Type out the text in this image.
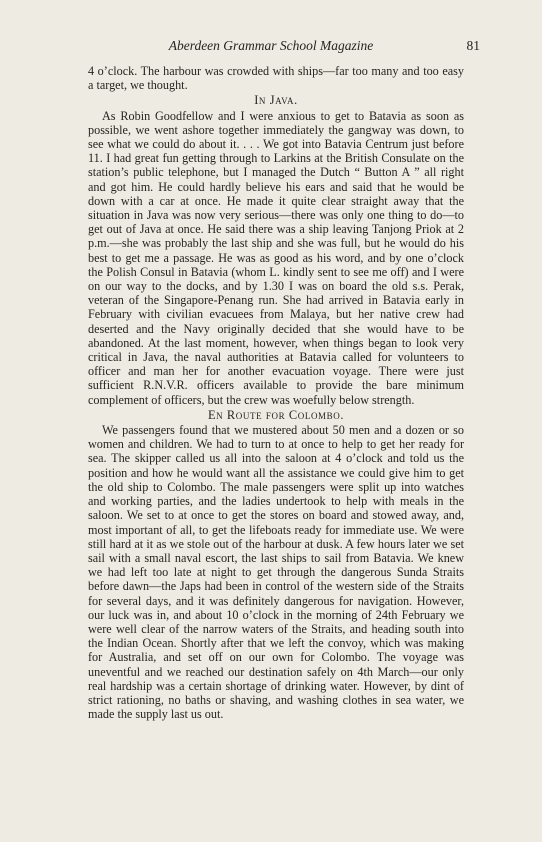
Aberdeen Grammar School Magazine	81

4 o’clock. The harbour was crowded with ships—far too many and too easy a target, we thought.

In Java.

As Robin Goodfellow and I were anxious to get to Batavia as soon as possible, we went ashore together immediately the gangway was down, to see what we could do about it. . . . We got into Batavia Centrum just before 11. I had great fun getting through to Larkins at the British Consulate on the station’s public telephone, but I managed the Dutch “ Button A ” all right and got him. He could hardly believe his ears and said that he would be down with a car at once. He made it quite clear straight away that the situation in Java was now very serious—there was only one thing to do—to get out of Java at once. He said there was a ship leaving Tanjong Priok at 2 p.m.—she was probably the last ship and she was full, but he would do his best to get me a passage. He was as good as his word, and by one o’clock the Polish Consul in Batavia (whom L. kindly sent to see me off) and I were on our way to the docks, and by 1.30 I was on board the old s.s. Perak, veteran of the Singapore-Penang run. She had arrived in Batavia early in February with civilian evacuees from Malaya, but her native crew had deserted and the Navy originally decided that she would have to be abandoned. At the last moment, however, when things began to look very critical in Java, the naval authorities at Batavia called for volunteers to officer and man her for another evacuation voyage. There were just sufficient R.N.V.R. officers available to provide the bare minimum complement of officers, but the crew was woefully below strength.

En Route for Colombo.

We passengers found that we mustered about 50 men and a dozen or so women and children. We had to turn to at once to help to get her ready for sea. The skipper called us all into the saloon at 4 o’clock and told us the position and how he would want all the assistance we could give him to get the old ship to Colombo. The male passengers were split up into watches and working parties, and the ladies undertook to help with meals in the saloon. We set to at once to get the stores on board and stowed away, and, most important of all, to get the lifeboats ready for immediate use. We were still hard at it as we stole out of the harbour at dusk. A few hours later we set sail with a small naval escort, the last ships to sail from Batavia. We knew we had left too late at night to get through the dangerous Sunda Straits before dawn—the Japs had been in control of the western side of the Straits for several days, and it was definitely dangerous for navigation. However, our luck was in, and about 10 o’clock in the morning of 24th February we were well clear of the narrow waters of the Straits, and heading south into the Indian Ocean. Shortly after that we left the convoy, which was making for Australia, and set off on our own for Colombo. The voyage was uneventful and we reached our destination safely on 4th March—our only real hardship was a certain shortage of drinking water. However, by dint of strict rationing, no baths or shaving, and washing clothes in sea water, we made the supply last us out.
